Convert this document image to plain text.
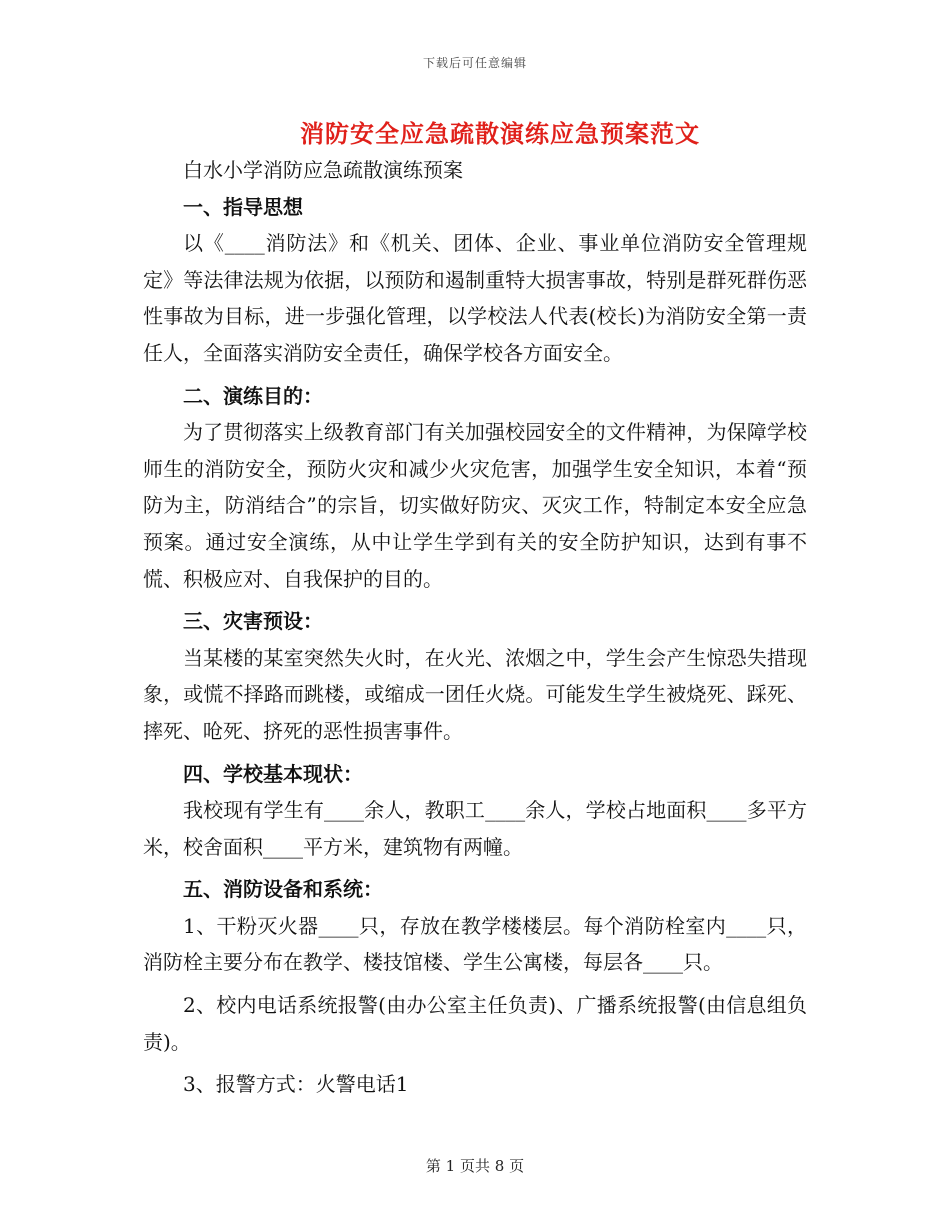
下载后可任意编辑
消防安全应急疏散演练应急预案范文

白水小学消防应急疏散演练预案

一、指导思想

以《____消防法》和《机关、团体、企业、事业单位消防安全管理规定》等法律法规为依据，以预防和遏制重特大损害事故，特别是群死群伤恶性事故为目标，进一步强化管理，以学校法人代表(校长)为消防安全第一责任人，全面落实消防安全责任，确保学校各方面安全。

二、演练目的：

为了贯彻落实上级教育部门有关加强校园安全的文件精神，为保障学校师生的消防安全，预防火灾和减少火灾危害，加强学生安全知识，本着“预防为主，防消结合”的宗旨，切实做好防灾、灭灾工作，特制定本安全应急预案。通过安全演练，从中让学生学到有关的安全防护知识，达到有事不慌、积极应对、自我保护的目的。

三、灾害预设：

当某楼的某室突然失火时，在火光、浓烟之中，学生会产生惊恐失措现象，或慌不择路而跳楼，或缩成一团任火烧。可能发生学生被烧死、踩死、摔死、呛死、挤死的恶性损害事件。

四、学校基本现状：

我校现有学生有____余人，教职工____余人，学校占地面积____多平方米，校舍面积____平方米，建筑物有两幢。

五、消防设备和系统：

1、干粉灭火器____只，存放在教学楼楼层。每个消防栓室内____只，消防栓主要分布在教学、楼技馆楼、学生公寓楼，每层各____只。

2、校内电话系统报警(由办公室主任负责)、广播系统报警(由信息组负责)。

3、报警方式：火警电话1

第 1 页共 8 页
